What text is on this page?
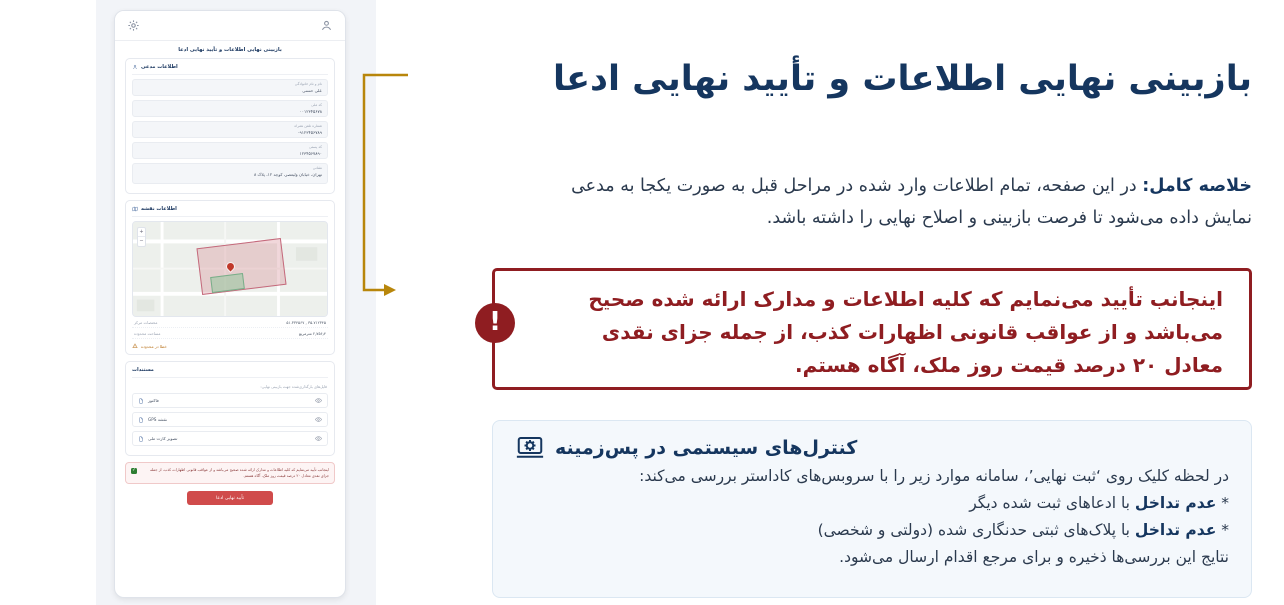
بازبینی نهایی اطلاعات و تأیید نهایی ادعا
اطلاعات مدعی
نام و نام خانوادگی
علی حسنی
کد ملی
۰۰۱۲۳۴۵۶۷۸
شماره تلفن همراه
۰۹۱۲۳۴۵۶۷۸۹
کد پستی
۱۲۳۴۵۶۷۸۹۰
نشانی
تهران، خیابان ولیعصر، کوچه ۱۲، پلاک ۸
اطلاعات نقشه
+
−
مختصات مرکز	۳۵.۷۱۲۳۴۵ , ۵۱.۳۳۴۵۶۷
مساحت محدوده	۲٫۷۵۶٫۴ مترمربع
خطا در محدوده
مستندات
فایل‌های بارگذاری‌شده جهت بازبینی نهایی:
فاکتور
نقشه GPS
تصویر کارت ملی
✓	اینجانب تأیید می‌نمایم که کلیه اطلاعات و مدارک ارائه شده صحیح می‌باشد و از عواقب قانونی اظهارات کذب، از جمله جزای نقدی معادل ۲۰ درصد قیمت روز ملک، آگاه هستم.
تأیید نهایی ادعا
بازبینی نهایی اطلاعات و تأیید نهایی ادعا

خلاصه کامل: در این صفحه، تمام اطلاعات وارد شده در مراحل قبل به صورت یکجا به مدعی نمایش داده می‌شود تا فرصت بازبینی و اصلاح نهایی را داشته باشد.

!
اینجانب تأیید می‌نمایم که کلیه اطلاعات و مدارک ارائه شده صحیح می‌باشد و از عواقب قانونی اظهارات کذب، از جمله جزای نقدی معادل ۲۰ درصد قیمت روز ملک، آگاه هستم.
کنترل‌های سیستمی در پس‌زمینه
در لحظه کلیک روی ‘ثبت نهایی’، سامانه موارد زیر را با سروبس‌های کاداستر بررسی می‌کند:
* عدم تداخل با ادعاهای ثبت شده دیگر
* عدم تداخل با پلاک‌های ثبتی حدنگاری شده (دولتی و شخصی)
نتایج این بررسی‌ها ذخیره و برای مرجع اقدام ارسال می‌شود.
